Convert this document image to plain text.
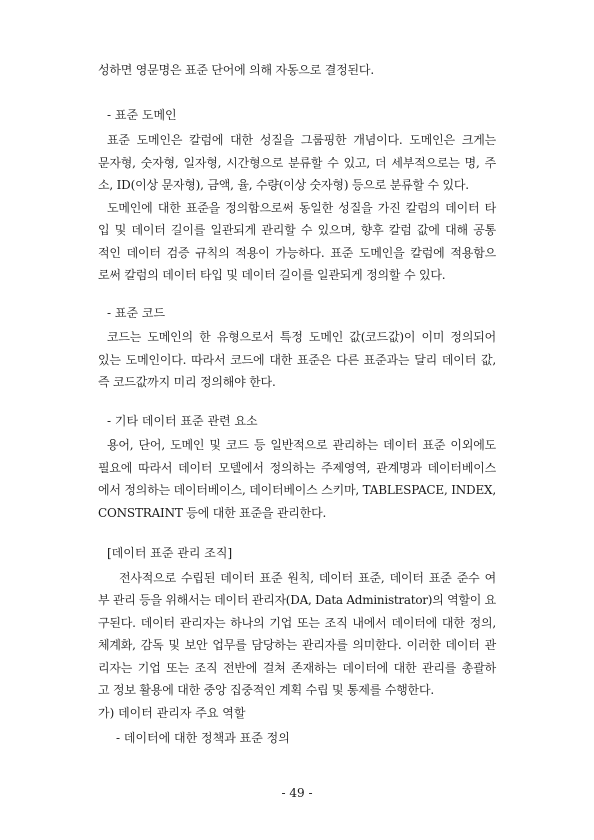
성하면 영문명은 표준 단어에 의해 자동으로 결정된다.
- 표준 도메인
표준 도메인은 칼럼에 대한 성질을 그룹핑한 개념이다. 도메인은 크게는
문자형, 숫자형, 일자형, 시간형으로 분류할 수 있고, 더 세부적으로는 명, 주
소, ID(이상 문자형), 금액, 율, 수량(이상 숫자형) 등으로 분류할 수 있다.
도메인에 대한 표준을 정의함으로써 동일한 성질을 가진 칼럼의 데이터 타
입 및 데이터 길이를 일관되게 관리할 수 있으며, 향후 칼럼 값에 대해 공통
적인 데이터 검증 규칙의 적용이 가능하다. 표준 도메인을 칼럼에 적용함으
로써 칼럼의 데이터 타입 및 데이터 길이를 일관되게 정의할 수 있다.
- 표준 코드
코드는 도메인의 한 유형으로서 특정 도메인 값(코드값)이 이미 정의되어
있는 도메인이다. 따라서 코드에 대한 표준은 다른 표준과는 달리 데이터 값,
즉 코드값까지 미리 정의해야 한다.
- 기타 데이터 표준 관련 요소
용어, 단어, 도메인 및 코드 등 일반적으로 관리하는 데이터 표준 이외에도
필요에 따라서 데이터 모델에서 정의하는 주제영역, 관계명과 데이터베이스
에서 정의하는 데이터베이스, 데이터베이스 스키마, TABLESPACE, INDEX,
CONSTRAINT 등에 대한 표준을 관리한다.
[데이터 표준 관리 조직]
전사적으로 수립된 데이터 표준 원칙, 데이터 표준, 데이터 표준 준수 여
부 관리 등을 위해서는 데이터 관리자(DA, Data Administrator)의 역할이 요
구된다. 데이터 관리자는 하나의 기업 또는 조직 내에서 데이터에 대한 정의,
체계화, 감독 및 보안 업무를 담당하는 관리자를 의미한다. 이러한 데이터 관
리자는 기업 또는 조직 전반에 걸쳐 존재하는 데이터에 대한 관리를 총괄하
고 정보 활용에 대한 중앙 집중적인 계획 수립 및 통제를 수행한다.
가) 데이터 관리자 주요 역할
- 데이터에 대한 정책과 표준 정의
- 49 -
